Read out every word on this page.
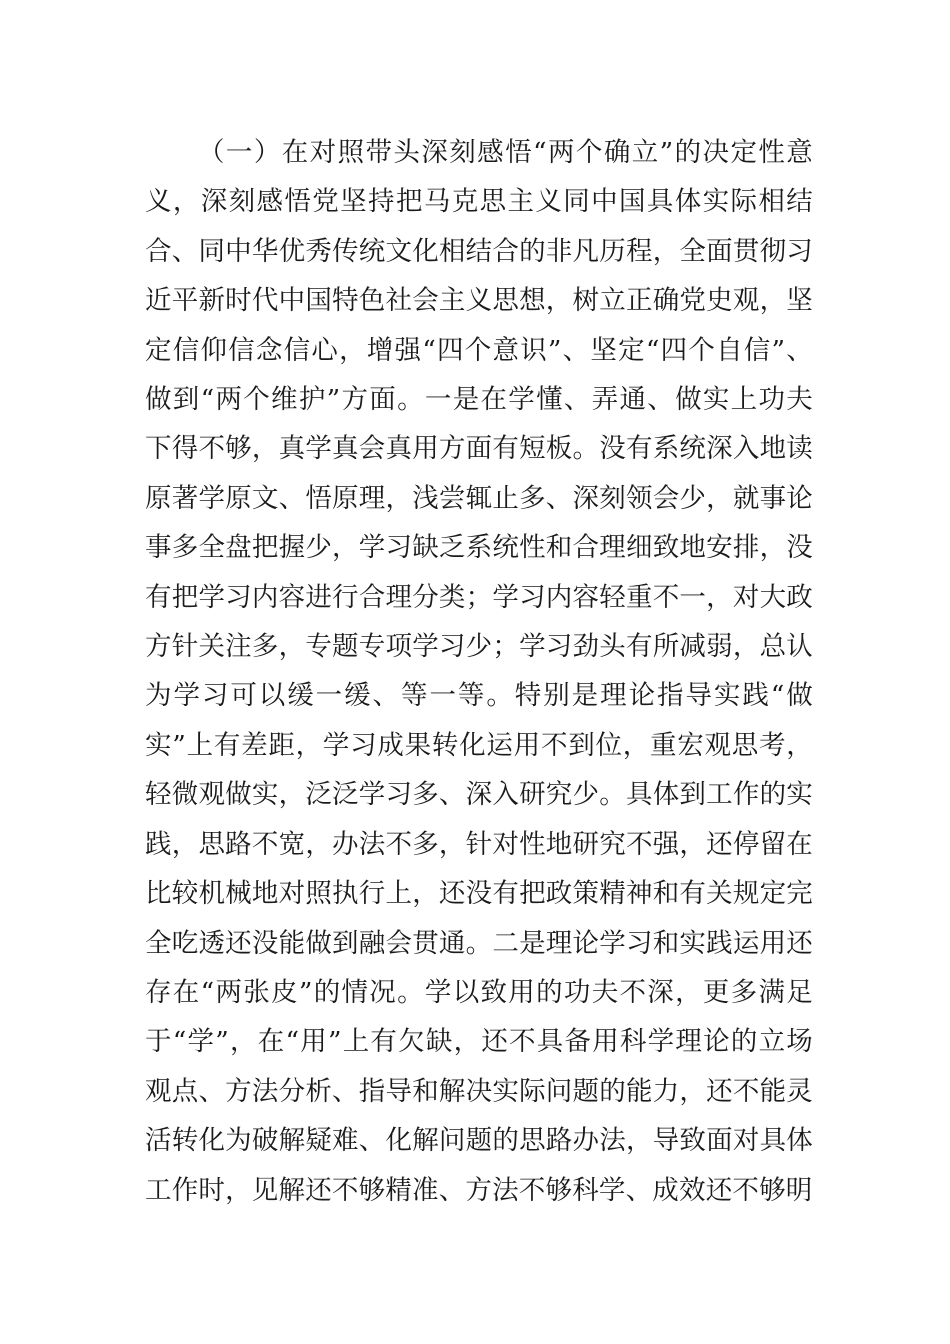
（一）在对照带头深刻感悟“两个确立”的决定性意义，深刻感悟党坚持把马克思主义同中国具体实际相结合、同中华优秀传统文化相结合的非凡历程，全面贯彻习近平新时代中国特色社会主义思想，树立正确党史观，坚定信仰信念信心，增强“四个意识”、坚定“四个自信”、做到“两个维护”方面。一是在学懂、弄通、做实上功夫下得不够，真学真会真用方面有短板。没有系统深入地读原著学原文、悟原理，浅尝辄止多、深刻领会少，就事论事多全盘把握少，学习缺乏系统性和合理细致地安排，没有把学习内容进行合理分类；学习内容轻重不一，对大政方针关注多，专题专项学习少；学习劲头有所减弱，总认为学习可以缓一缓、等一等。特别是理论指导实践“做实”上有差距，学习成果转化运用不到位，重宏观思考，轻微观做实，泛泛学习多、深入研究少。具体到工作的实践，思路不宽，办法不多，针对性地研究不强，还停留在比较机械地对照执行上，还没有把政策精神和有关规定完全吃透还没能做到融会贯通。二是理论学习和实践运用还存在“两张皮”的情况。学以致用的功夫不深，更多满足于“学”，在“用”上有欠缺，还不具备用科学理论的立场观点、方法分析、指导和解决实际问题的能力，还不能灵活转化为破解疑难、化解问题的思路办法，导致面对具体工作时，见解还不够精准、方法不够科学、成效还不够明
